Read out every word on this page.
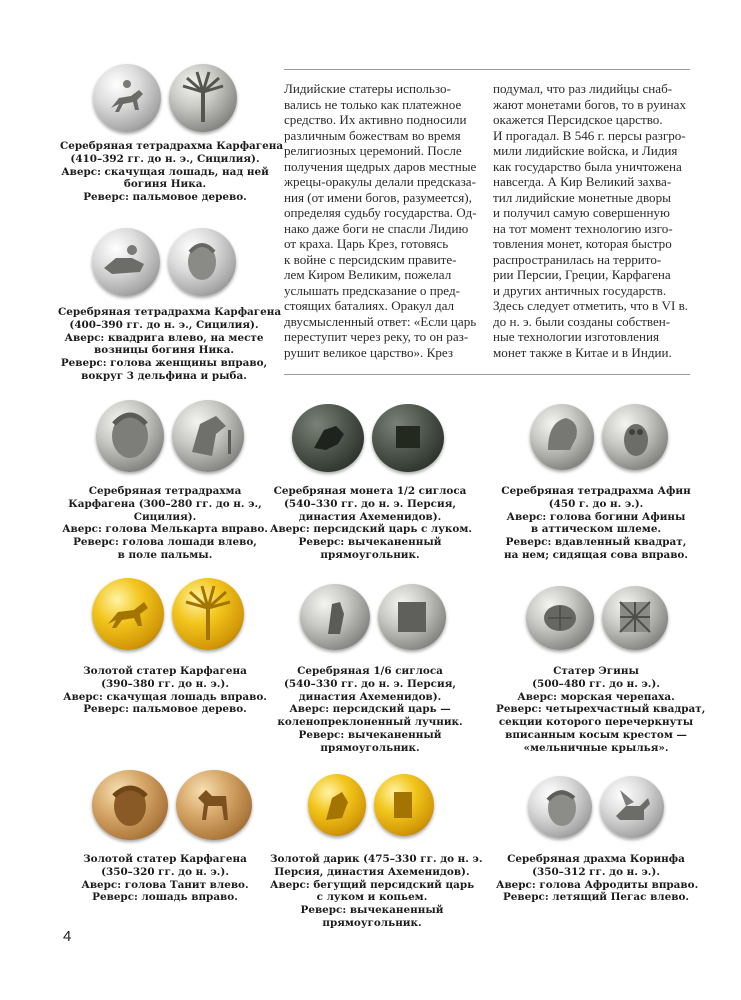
Серебряная тетрадрахма Карфагена
(410–392 гг. до н. э., Сицилия).
Аверс: скачущая лошадь, над ней
богиня Ника.
Реверс: пальмовое дерево.
Серебряная тетрадрахма Карфагена
(400–390 гг. до н. э., Сицилия).
Аверс: квадрига влево, на месте
возницы богиня Ника.
Реверс: голова женщины вправо,
вокруг 3 дельфина и рыба.
Лидийские статеры использо-
вались не только как платежное
средство. Их активно подносили
различным божествам во время
религиозных церемоний. После
получения щедрых даров местные
жрецы-оракулы делали предсказа-
ния (от имени богов, разумеется),
определяя судьбу государства. Од-
нако даже боги не спасли Лидию
от краха. Царь Крез, готовясь
к войне с персидским правите-
лем Киром Великим, пожелал
услышать предсказание о пред-
стоящих баталиях. Оракул дал
двусмысленный ответ: «Если царь
переступит через реку, то он раз-
рушит великое царство». Крез
подумал, что раз лидийцы снаб-
жают монетами богов, то в руинах
окажется Персидское царство.
И прогадал. В 546 г. персы разгро-
мили лидийские войска, и Лидия
как государство была уничтожена
навсегда. А Кир Великий захва-
тил лидийские монетные дворы
и получил самую совершенную
на тот момент технологию изго-
товления монет, которая быстро
распространилась на террито-
рии Персии, Греции, Карфагена
и других античных государств.
Здесь следует отметить, что в VI в.
до н. э. были созданы собствен-
ные технологии изготовления
монет также в Китае и в Индии.
Серебряная тетрадрахма
Карфагена (300–280 гг. до н. э.,
Сицилия).
Аверс: голова Мелькарта вправо.
Реверс: голова лошади влево,
в поле пальмы.
Серебряная монета 1/2 сиглоса
(540–330 гг. до н. э. Персия,
династия Ахеменидов).
Аверс: персидский царь с луком.
Реверс: вычеканенный
прямоугольник.
Серебряная тетрадрахма Афин
(450 г. до н. э.).
Аверс: голова богини Афины
в аттическом шлеме.
Реверс: вдавленный квадрат,
на нем; сидящая сова вправо.
Золотой статер Карфагена
(390–380 гг. до н. э.).
Аверс: скачущая лошадь вправо.
Реверс: пальмовое дерево.
Серебряная 1/6 сиглоса
(540–330 гг. до н. э. Персия,
династия Ахеменидов).
Аверс: персидский царь —
коленопреклоненный лучник.
Реверс: вычеканенный
прямоугольник.
Статер Эгины
(500–480 гг. до н. э.).
Аверс: морская черепаха.
Реверс: четырехчастный квадрат,
секции которого перечеркнуты
вписанным косым крестом —
«мельничные крылья».
Золотой статер Карфагена
(350–320 гг. до н. э.).
Аверс: голова Танит влево.
Реверс: лошадь вправо.
Золотой дарик (475–330 гг. до н. э.
Персия, династия Ахеменидов).
Аверс: бегущий персидский царь
с луком и копьем.
Реверс: вычеканенный
прямоугольник.
Серебряная драхма Коринфа
(350–312 гг. до н. э.).
Аверс: голова Афродиты вправо.
Реверс: летящий Пегас влево.
4
